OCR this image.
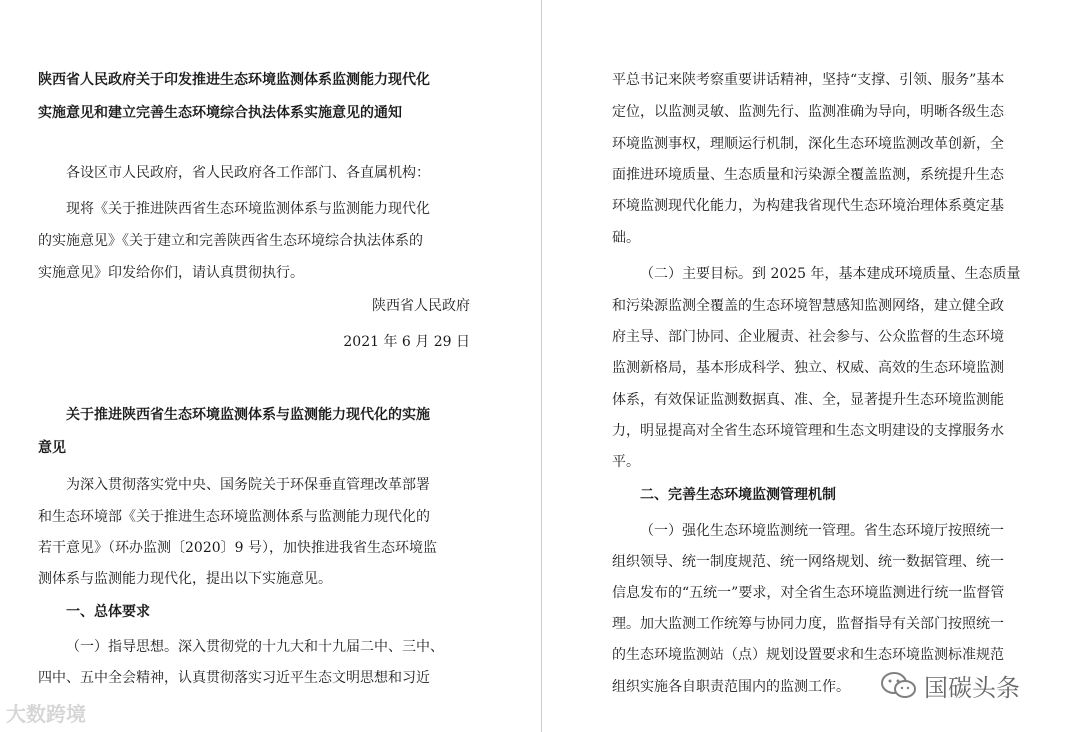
陕西省人民政府关于印发推进生态环境监测体系监测能力现代化
实施意见和建立完善生态环境综合执法体系实施意见的通知
各设区市人民政府，省人民政府各工作部门、各直属机构：
现将《关于推进陕西省生态环境监测体系与监测能力现代化
的实施意见》《关于建立和完善陕西省生态环境综合执法体系的
实施意见》印发给你们，请认真贯彻执行。
陕西省人民政府
2021 年 6 月 29 日
关于推进陕西省生态环境监测体系与监测能力现代化的实施
意见
为深入贯彻落实党中央、国务院关于环保垂直管理改革部署
和生态环境部《关于推进生态环境监测体系与监测能力现代化的
若干意见》（环办监测〔2020〕9 号），加快推进我省生态环境监
测体系与监测能力现代化，提出以下实施意见。
一、总体要求
（一）指导思想。深入贯彻党的十九大和十九届二中、三中、
四中、五中全会精神，认真贯彻落实习近平生态文明思想和习近
平总书记来陕考察重要讲话精神，坚持“支撑、引领、服务”基本
定位，以监测灵敏、监测先行、监测准确为导向，明晰各级生态
环境监测事权，理顺运行机制，深化生态环境监测改革创新，全
面推进环境质量、生态质量和污染源全覆盖监测，系统提升生态
环境监测现代化能力，为构建我省现代生态环境治理体系奠定基
础。
（二）主要目标。到 2025 年，基本建成环境质量、生态质量
和污染源监测全覆盖的生态环境智慧感知监测网络，建立健全政
府主导、部门协同、企业履责、社会参与、公众监督的生态环境
监测新格局，基本形成科学、独立、权威、高效的生态环境监测
体系，有效保证监测数据真、准、全，显著提升生态环境监测能
力，明显提高对全省生态环境管理和生态文明建设的支撑服务水
平。
二、完善生态环境监测管理机制
（一）强化生态环境监测统一管理。省生态环境厅按照统一
组织领导、统一制度规范、统一网络规划、统一数据管理、统一
信息发布的“五统一”要求，对全省生态环境监测进行统一监督管
理。加大监测工作统筹与协同力度，监督指导有关部门按照统一
的生态环境监测站（点）规划设置要求和生态环境监测标准规范
组织实施各自职责范围内的监测工作。
大数跨境
国碳头条
